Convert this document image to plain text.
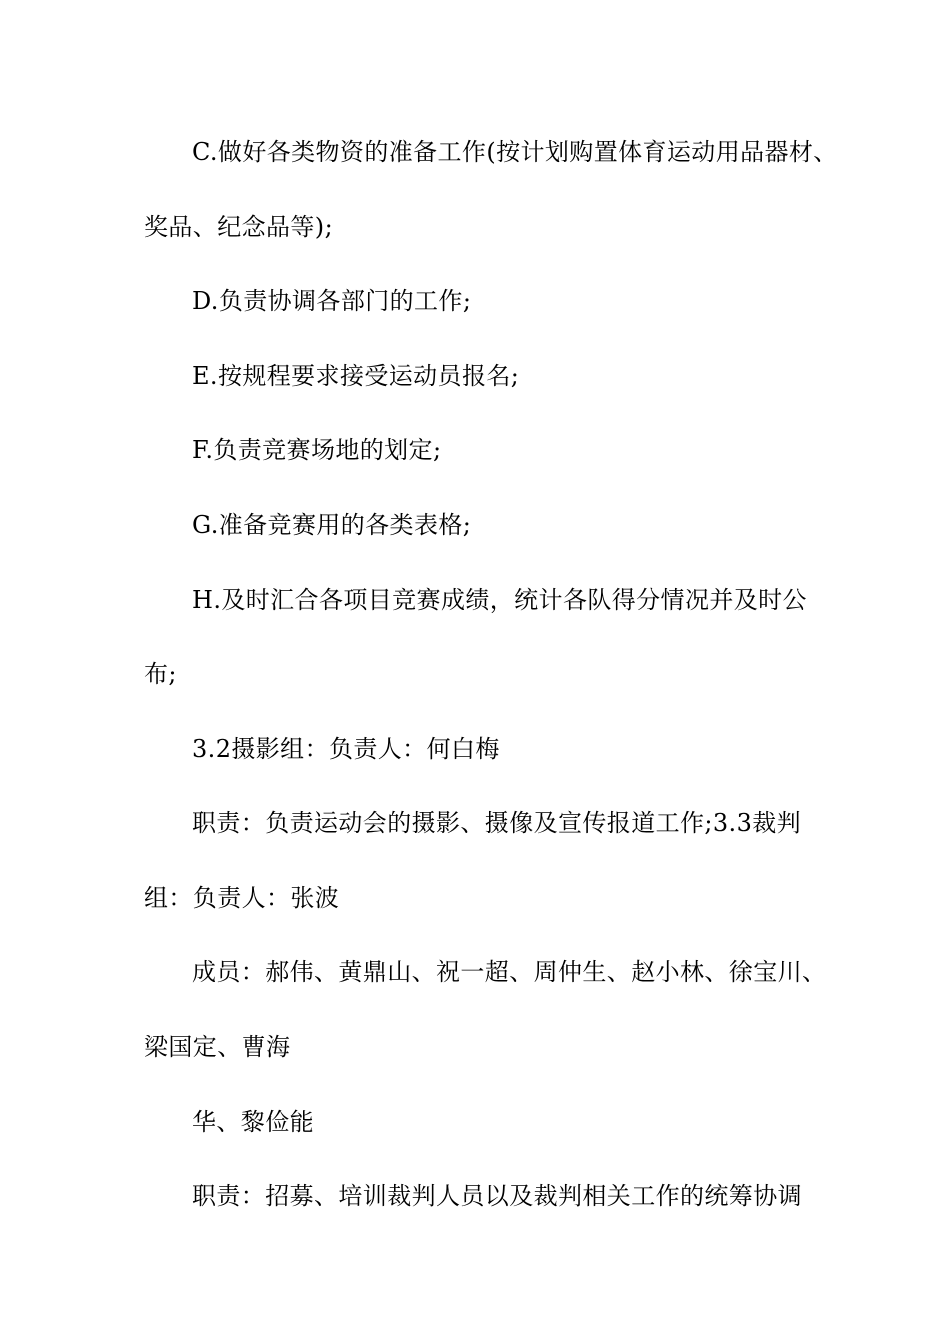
C.做好各类物资的准备工作(按计划购置体育运动用品器材、
奖品、纪念品等);
D.负责协调各部门的工作;
E.按规程要求接受运动员报名;
F.负责竞赛场地的划定;
G.准备竞赛用的各类表格;
H.及时汇合各项目竞赛成绩，统计各队得分情况并及时公
布;
3.2摄影组：负责人：何白梅
职责：负责运动会的摄影、摄像及宣传报道工作;3.3裁判
组：负责人：张波
成员：郝伟、黄鼎山、祝一超、周仲生、赵小林、徐宝川、
梁国定、曹海
华、黎俭能
职责：招募、培训裁判人员以及裁判相关工作的统筹协调
